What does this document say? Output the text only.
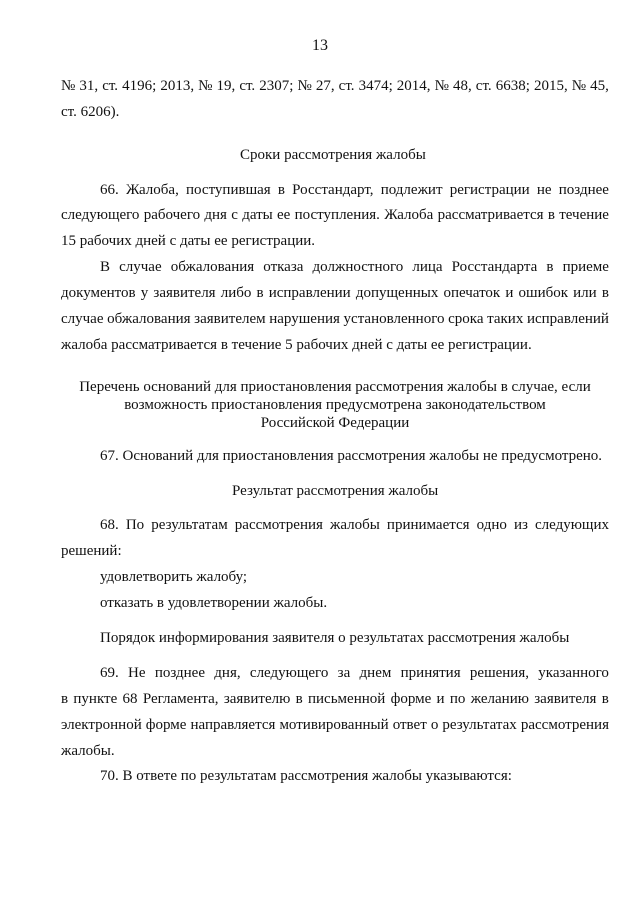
13
№ 31, ст. 4196; 2013, № 19, ст. 2307; № 27, ст. 3474; 2014, № 48, ст. 6638; 2015, № 45,
ст. 6206).
Сроки рассмотрения жалобы
66. Жалоба, поступившая в Росстандарт, подлежит регистрации не позднее
следующего рабочего дня с даты ее поступления. Жалоба рассматривается в течение
15 рабочих дней с даты ее регистрации.
В случае обжалования отказа должностного лица Росстандарта в приеме
документов у заявителя либо в исправлении допущенных опечаток и ошибок или в
случае обжалования заявителем нарушения установленного срока таких исправлений
жалоба рассматривается в течение 5 рабочих дней с даты ее регистрации.
Перечень оснований для приостановления рассмотрения жалобы в случае, если
возможность приостановления предусмотрена законодательством
Российской Федерации
67. Оснований для приостановления рассмотрения жалобы не предусмотрено.
Результат рассмотрения жалобы
68. По результатам рассмотрения жалобы принимается одно из следующих
решений:
удовлетворить жалобу;
отказать в удовлетворении жалобы.
Порядок информирования заявителя о результатах рассмотрения жалобы
69. Не позднее дня, следующего за днем принятия решения, указанного
в пункте 68 Регламента, заявителю в письменной форме и по желанию заявителя в
электронной форме направляется мотивированный ответ о результатах рассмотрения
жалобы.
70. В ответе по результатам рассмотрения жалобы указываются:
